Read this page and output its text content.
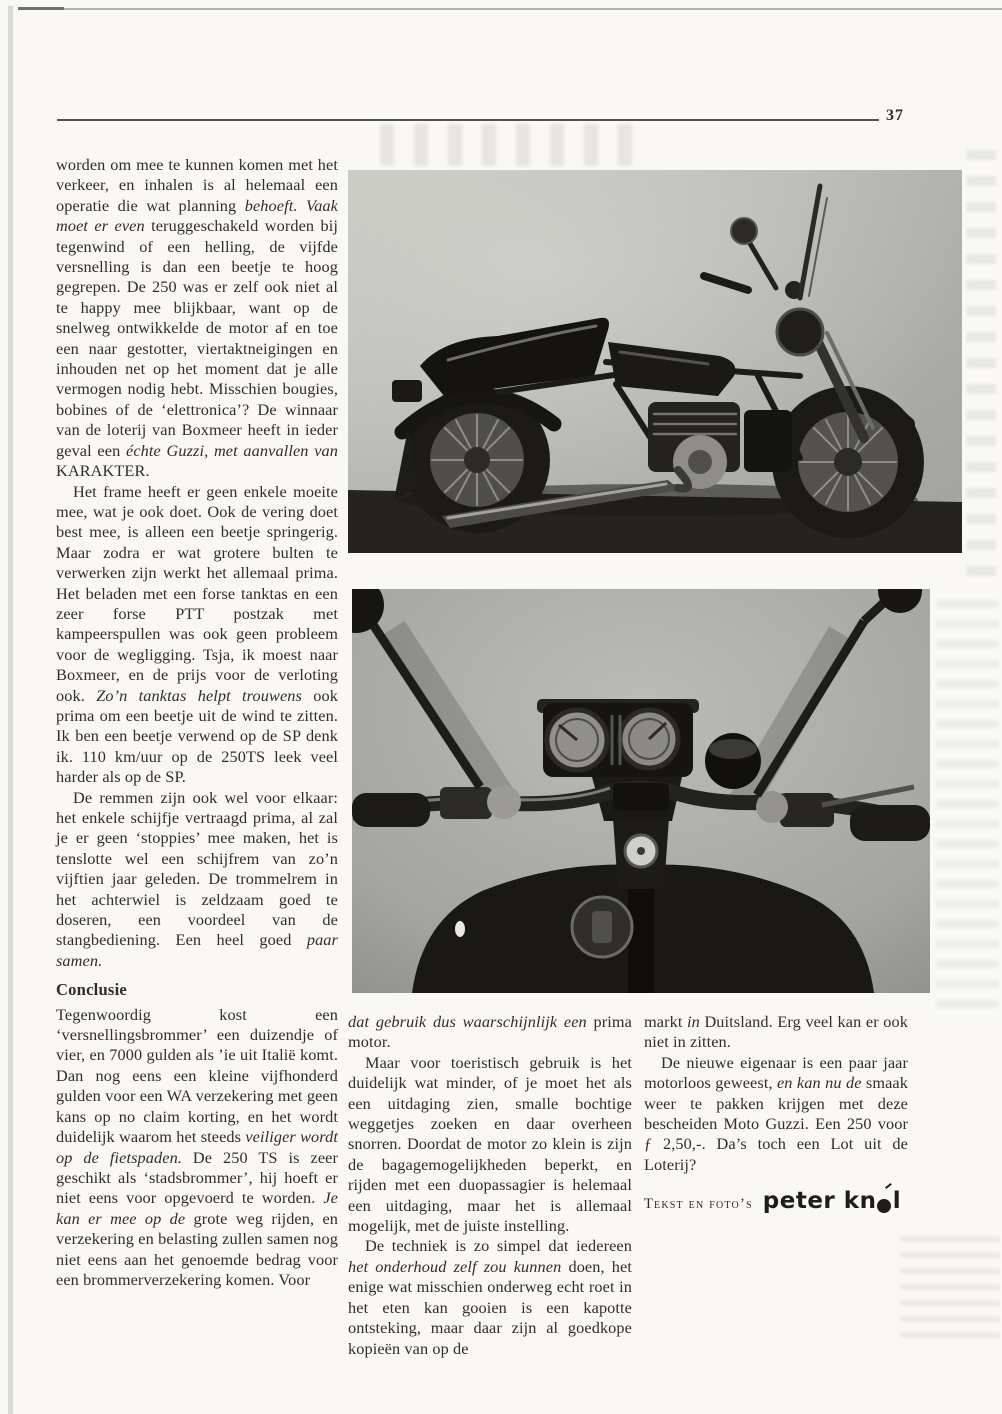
37

worden om mee te kunnen komen met het verkeer, en inhalen is al helemaal een operatie die wat planning behoeft. Vaak moet er even teruggeschakeld worden bij tegenwind of een helling, de vijfde versnelling is dan een beetje te hoog gegrepen. De 250 was er zelf ook niet al te happy mee blijkbaar, want op de snelweg ontwikkelde de motor af en toe een naar gestotter, viertaktneigingen en inhouden net op het moment dat je alle vermogen nodig hebt. Misschien bougies, bobines of de ‘elettronica’? De winnaar van de loterij van Boxmeer heeft in ieder geval een échte Guzzi, met aanvallen van KARAKTER.

Het frame heeft er geen enkele moeite mee, wat je ook doet. Ook de vering doet best mee, is alleen een beetje springerig. Maar zodra er wat grotere bulten te verwerken zijn werkt het allemaal prima. Het beladen met een forse tanktas en een zeer forse PTT postzak met kampeerspullen was ook geen probleem voor de wegligging. Tsja, ik moest naar Boxmeer, en de prijs voor de verloting ook. Zo’n tanktas helpt trouwens ook prima om een beetje uit de wind te zitten. Ik ben een beetje verwend op de SP denk ik. 110 km/uur op de 250TS leek veel harder als op de SP.

De remmen zijn ook wel voor elkaar: het enkele schijfje vertraagd prima, al zal je er geen ‘stoppies’ mee maken, het is tenslotte wel een schijfrem van zo’n vijftien jaar geleden. De trommelrem in het achterwiel is zeldzaam goed te doseren, een voordeel van de stangbediening. Een heel goed paar samen.

Conclusie

Tegenwoordig kost een ‘versnellingsbrommer’ een duizendje of vier, en 7000 gulden als ’ie uit Italië komt. Dan nog eens een kleine vijfhonderd gulden voor een WA verzekering met geen kans op no claim korting, en het wordt duidelijk waarom het steeds veiliger wordt op de fietspaden. De 250 TS is zeer geschikt als ‘stadsbrommer’, hij hoeft er niet eens voor opgevoerd te worden. Je kan er mee op de grote weg rijden, en verzekering en belasting zullen samen nog niet eens aan het genoemde bedrag voor een brommerverzekering komen. Voor

dat gebruik dus waarschijnlijk een prima motor.

Maar voor toeristisch gebruik is het duidelijk wat minder, of je moet het als een uitdaging zien, smalle bochtige weggetjes zoeken en daar overheen snorren. Doordat de motor zo klein is zijn de bagagemogelijkheden beperkt, en rijden met een duopassagier is helemaal een uitdaging, maar het is allemaal mogelijk, met de juiste instelling.

De techniek is zo simpel dat iedereen het onderhoud zelf zou kunnen doen, het enige wat misschien onderweg echt roet in het eten kan gooien is een kapotte ontsteking, maar daar zijn al goedkope kopieën van op de

markt in Duitsland. Erg veel kan er ook niet in zitten.

De nieuwe eigenaar is een paar jaar motorloos geweest, en kan nu de smaak weer te pakken krijgen met deze bescheiden Moto Guzzi. Een 250 voor ƒ 2,50,-. Da’s toch een Lot uit de Loterij?

Tekst en foto’s peter kn l
